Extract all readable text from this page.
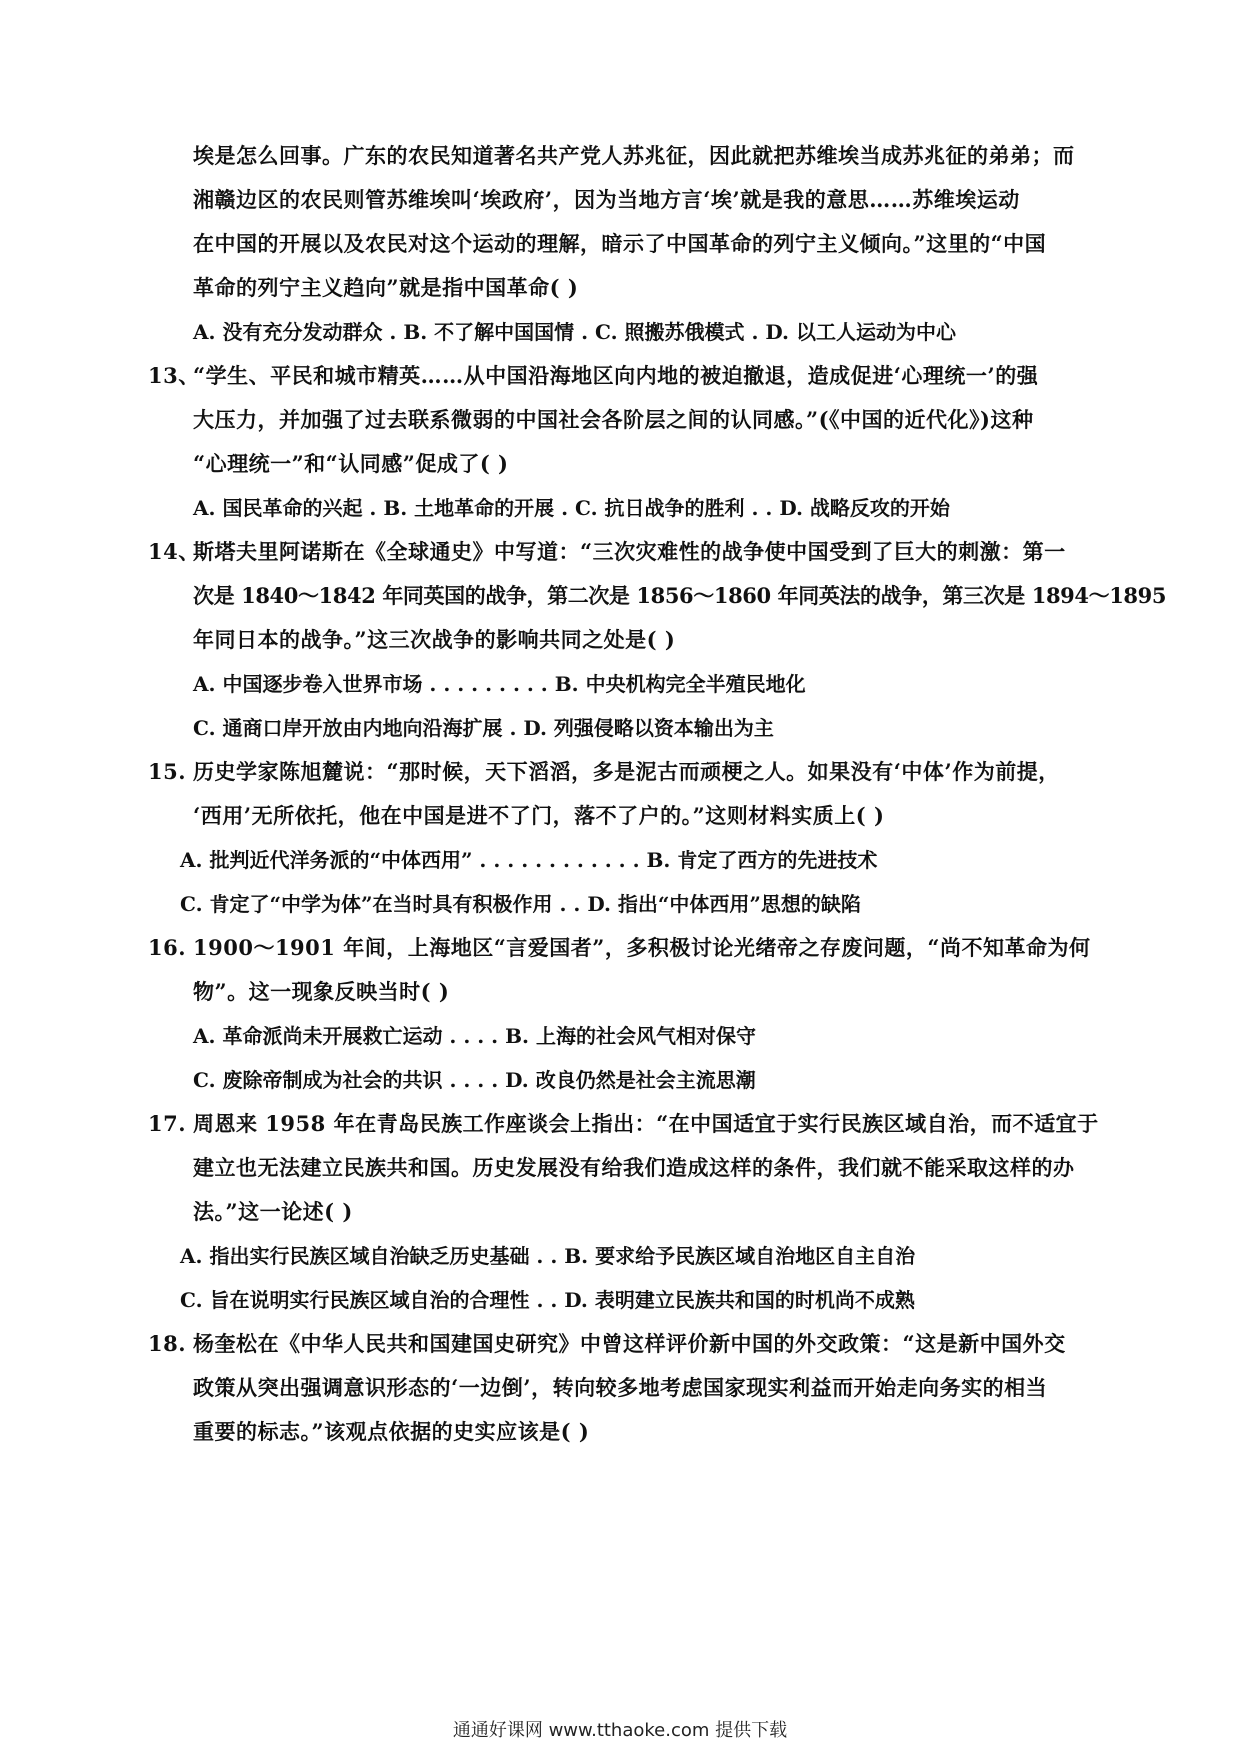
埃是怎么回事。广东的农民知道著名共产党人苏兆征，因此就把苏维埃当成苏兆征的弟弟；而
湘赣边区的农民则管苏维埃叫‘埃政府’，因为当地方言‘埃’就是我的意思……苏维埃运动
在中国的开展以及农民对这个运动的理解，暗示了中国革命的列宁主义倾向。”这里的“中国
革命的列宁主义趋向”就是指中国革命( )
A. 没有充分发动群众 . B. 不了解中国国情 . C. 照搬苏俄模式 . D. 以工人运动为中心
13、
“学生、平民和城市精英……从中国沿海地区向内地的被迫撤退，造成促进‘心理统一’的强
大压力，并加强了过去联系微弱的中国社会各阶层之间的认同感。”(《中国的近代化》)这种
“心理统一”和“认同感”促成了( )
A. 国民革命的兴起 . B. 土地革命的开展 . C. 抗日战争的胜利 . . D. 战略反攻的开始
14、
斯塔夫里阿诺斯在《全球通史》中写道：“三次灾难性的战争使中国受到了巨大的刺激：第一
次是 1840～1842 年同英国的战争，第二次是 1856～1860 年同英法的战争，第三次是 1894～1895
年同日本的战争。”这三次战争的影响共同之处是( )
A. 中国逐步卷入世界市场 . . . . . . . . . B. 中央机构完全半殖民地化
C. 通商口岸开放由内地向沿海扩展 . D. 列强侵略以资本输出为主
15. 历史学家陈旭麓说：“那时候，天下滔滔，多是泥古而顽梗之人。如果没有‘中体’作为前提，
‘西用’无所依托，他在中国是进不了门，落不了户的。”这则材料实质上( )
A. 批判近代洋务派的“中体西用” . . . . . . . . . . . . B. 肯定了西方的先进技术
C. 肯定了“中学为体”在当时具有积极作用 . . D. 指出“中体西用”思想的缺陷
16. 1900～1901 年间，上海地区“言爱国者”，多积极讨论光绪帝之存废问题，“尚不知革命为何
物”。这一现象反映当时( )
A. 革命派尚未开展救亡运动 . . . . B. 上海的社会风气相对保守
C. 废除帝制成为社会的共识 . . . . D. 改良仍然是社会主流思潮
17. 周恩来 1958 年在青岛民族工作座谈会上指出：“在中国适宜于实行民族区域自治，而不适宜于
建立也无法建立民族共和国。历史发展没有给我们造成这样的条件，我们就不能采取这样的办
法。”这一论述( )
A. 指出实行民族区域自治缺乏历史基础 . . B. 要求给予民族区域自治地区自主自治
C. 旨在说明实行民族区域自治的合理性 . . D. 表明建立民族共和国的时机尚不成熟
18. 杨奎松在《中华人民共和国建国史研究》中曾这样评价新中国的外交政策：“这是新中国外交
政策从突出强调意识形态的‘一边倒’，转向较多地考虑国家现实利益而开始走向务实的相当
重要的标志。”该观点依据的史实应该是( )
通通好课网 www.tthaoke.com 提供下载
